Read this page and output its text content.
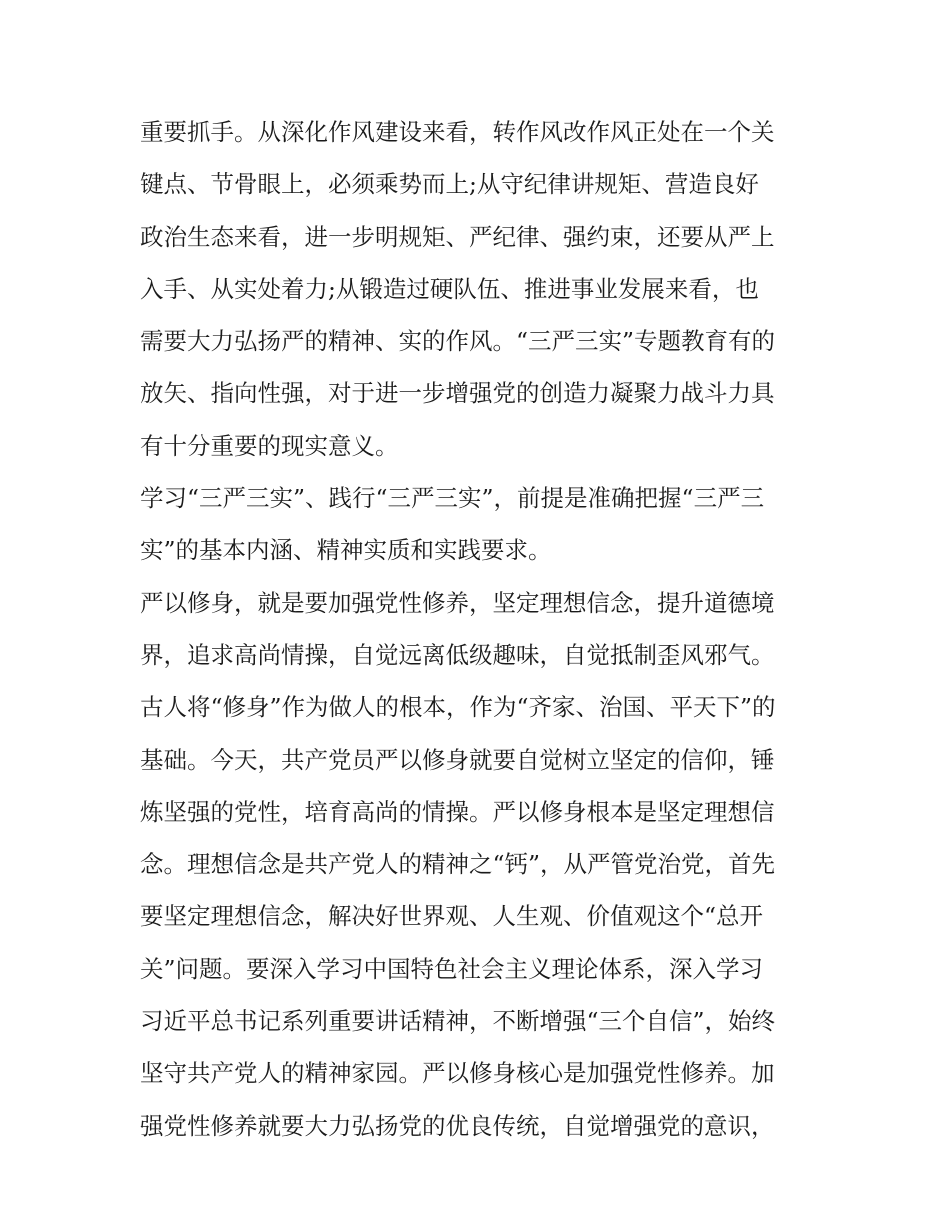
重要抓手。从深化作风建设来看，转作风改作风正处在一个关
键点、节骨眼上，必须乘势而上;从守纪律讲规矩、营造良好
政治生态来看，进一步明规矩、严纪律、强约束，还要从严上
入手、从实处着力;从锻造过硬队伍、推进事业发展来看，也
需要大力弘扬严的精神、实的作风。“三严三实”专题教育有的
放矢、指向性强，对于进一步增强党的创造力凝聚力战斗力具
有十分重要的现实意义。
学习“三严三实”、践行“三严三实”，前提是准确把握“三严三
实”的基本内涵、精神实质和实践要求。
严以修身，就是要加强党性修养，坚定理想信念，提升道德境
界，追求高尚情操，自觉远离低级趣味，自觉抵制歪风邪气。
古人将“修身”作为做人的根本，作为“齐家、治国、平天下”的
基础。今天，共产党员严以修身就要自觉树立坚定的信仰，锤
炼坚强的党性，培育高尚的情操。严以修身根本是坚定理想信
念。理想信念是共产党人的精神之“钙”，从严管党治党，首先
要坚定理想信念，解决好世界观、人生观、价值观这个“总开
关”问题。要深入学习中国特色社会主义理论体系，深入学习
习近平总书记系列重要讲话精神，不断增强“三个自信”，始终
坚守共产党人的精神家园。严以修身核心是加强党性修养。加
强党性修养就要大力弘扬党的优良传统，自觉增强党的意识，
